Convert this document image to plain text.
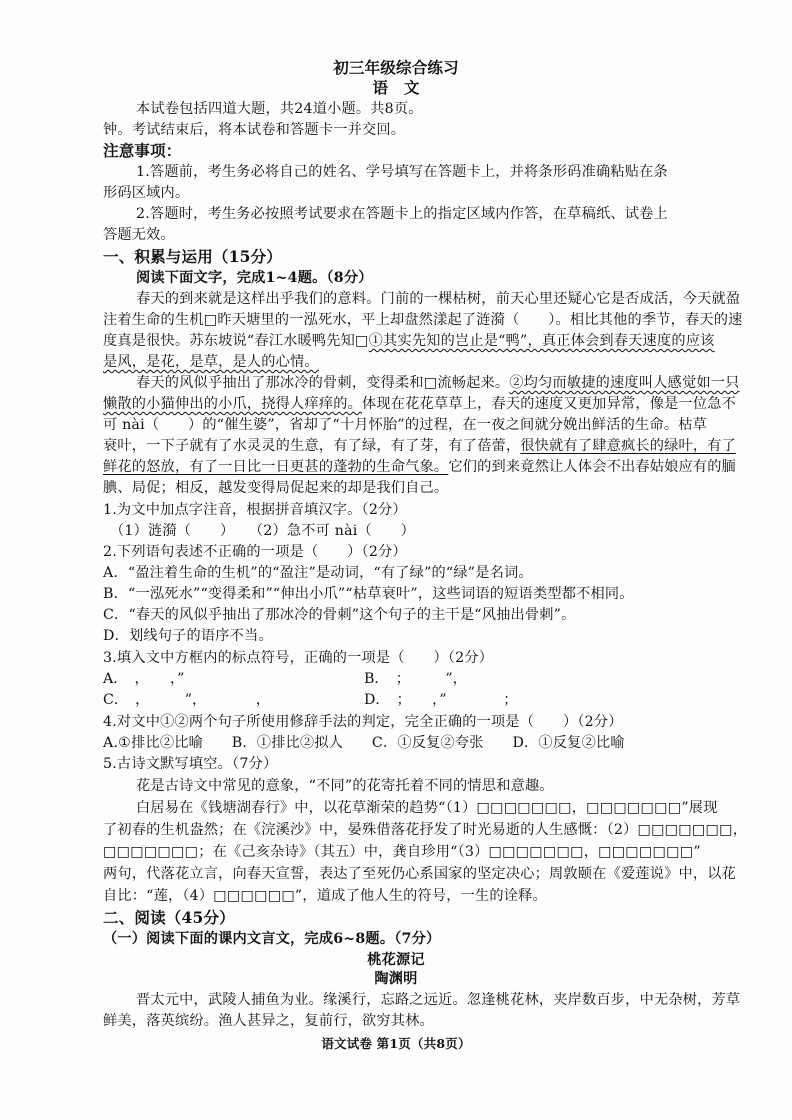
初三年级综合练习
语　文
本试卷包括四道大题，共24道小题。共8页。
钟。考试结束后，将本试卷和答题卡一并交回。
注意事项：
1.答题前，考生务必将自己的姓名、学号填写在答题卡上，并将条形码准确粘贴在条
形码区域内。
2.答题时，考生务必按照考试要求在答题卡上的指定区域内作答，在草稿纸、试卷上
答题无效。
一、积累与运用（15分）
阅读下面文字，完成1~4题。（8分）
春天的到来就是这样出乎我们的意料。门前的一棵枯树，前天心里还疑心它是否成活，今天就盈
注着生命的生机□昨天塘里的一泓死水，平上却盘然漾起了涟漪（　　）。相比其他的季节，春天的速
度真是很快。苏东坡说“春江水暖鸭先知□①其实先知的岂止是“鸭”，真正体会到春天速度的应该
是风，是花，是草，是人的心情。
春天的风似乎抽出了那冰冷的骨刺，变得柔和□流畅起来。②均匀而敏捷的速度叫人感觉如一只
懒散的小猫伸出的小爪，挠得人痒痒的。体现在花花草草上，春天的速度又更加异常，像是一位急不
可 nài（　　）的“催生婆”，省却了“十月怀胎”的过程，在一夜之间就分娩出鲜活的生命。枯草
衰叶，一下子就有了水灵灵的生意，有了绿，有了芽，有了蓓蕾，很快就有了肆意疯长的绿叶，有了
鲜花的怒放，有了一日比一日更甚的蓬勃的生命气象。它们的到来竟然让人体会不出春姑娘应有的腼
腆、局促；相反，越发变得局促起来的却是我们自己。
1.为文中加点字注音，根据拼音填汉字。（2分）
（1）涟漪（　　）　　（2）急不可 nài（　　）
2.下列语句表述不正确的一项是（　　）（2分）
A．“盈注着生命的生机”的“盈注”是动词，“有了绿”的“绿”是名词。
B．“一泓死水”“变得柔和”“伸出小爪”“枯草衰叶”，这些词语的短语类型都不相同。
C．“春天的风似乎抽出了那冰冷的骨刺”这个句子的主干是“风抽出骨刺”。
D．划线句子的语序不当。
3.填入文中方框内的标点符号，正确的一项是（　　）（2分）
A．　，　　，”	B．　；　　　”，
C．　，　　　”，　　　　，	D．　；　　，”　　　　；
4.对文中①②两个句子所使用修辞手法的判定，完全正确的一项是（　　）（2分）
A.①排比②比喻　　B．①排比②拟人　　C．①反复②夸张　　D．①反复②比喻
5.古诗文默写填空。（7分）
花是古诗文中常见的意象，“不同”的花寄托着不同的情思和意趣。
白居易在《钱塘湖春行》中，以花草渐荣的趋势“（1）□□□□□□□，□□□□□□□”展现
了初春的生机盎然；在《浣溪沙》中，晏殊借落花抒发了时光易逝的人生感慨：（2）□□□□□□□，
□□□□□□□；在《己亥杂诗》（其五）中，龚自珍用“（3）□□□□□□□，□□□□□□□”
两句，代落花立言，向春天宣誓，表达了至死仍心系国家的坚定决心；周敦颐在《爱莲说》中，以花
自比：“莲，（4）□□□□□□”，道成了他人生的符号，一生的诠释。
二、阅读（45分）
（一）阅读下面的课内文言文，完成6~8题。（7分）
桃花源记
陶渊明
晋太元中，武陵人捕鱼为业。缘溪行，忘路之远近。忽逢桃花林，夹岸数百步，中无杂树，芳草
鲜美，落英缤纷。渔人甚异之，复前行，欲穷其林。
语文试卷 第1页（共8页）
